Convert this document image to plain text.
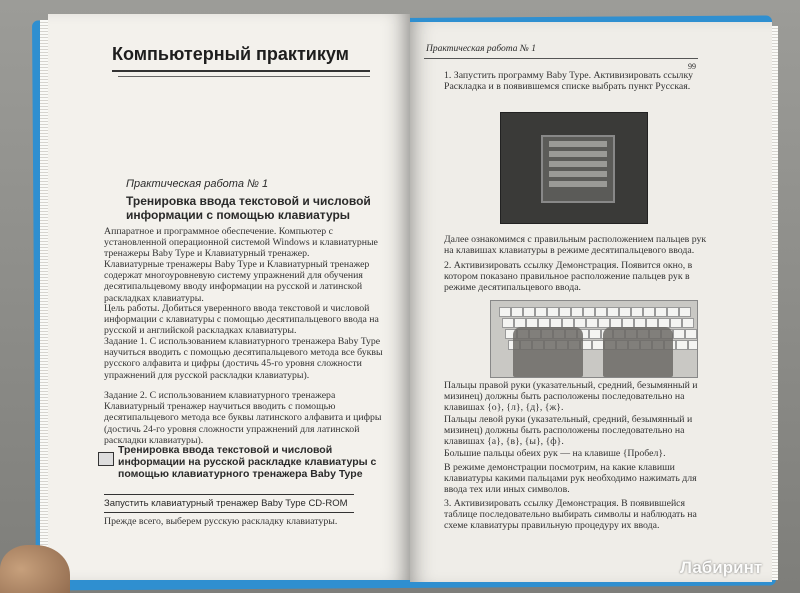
Компьютерный практикум
Практическая работа № 1
Тренировка ввода текстовой и числовой информации с помощью клавиатуры
Аппаратное и программное обеспечение. Компьютер с установленной операционной системой Windows и клавиатурные тренажеры Baby Type и Клавиатурный тренажер.
Клавиатурные тренажеры Baby Type и Клавиатурный тренажер содержат многоуровневую систему упражнений для обучения десятипальцевому вводу информации на русской и латинской раскладках клавиатуры.
Цель работы. Добиться уверенного ввода текстовой и числовой информации с клавиатуры с помощью десятипальцевого ввода на русской и английской раскладках клавиатуры.
Задание 1. С использованием клавиатурного тренажера Baby Type научиться вводить с помощью десятипальцевого метода все буквы русского алфавита и цифры (достичь 45-го уровня сложности упражнений для русской раскладки клавиатуры).
Задание 2. С использованием клавиатурного тренажера Клавиатурный тренажер научиться вводить с помощью десятипальцевого метода все буквы латинского алфавита и цифры (достичь 24-го уровня сложности упражнений для латинской раскладки клавиатуры).
Тренировка ввода текстовой и числовой информации на русской раскладке клавиатуры с помощью клавиатурного тренажера Baby Type
Запустить клавиатурный тренажер Baby Type CD-ROM
Прежде всего, выберем русскую раскладку клавиатуры.
Практическая работа № 1
99
1. Запустить программу Baby Type. Активизировать ссылку Раскладка и в появившемся списке выбрать пункт Русская.
Далее ознакомимся с правильным расположением пальцев рук на клавишах клавиатуры в режиме десятипальцевого ввода.
2. Активизировать ссылку Демонстрация. Появится окно, в котором показано правильное расположение пальцев рук в режиме десятипальцевого ввода.
Пальцы правой руки (указательный, средний, безымянный и мизинец) должны быть расположены последовательно на клавишах {о}, {л}, {д}, {ж}.
Пальцы левой руки (указательный, средний, безымянный и мизинец) должны быть расположены последовательно на клавишах {а}, {в}, {ы}, {ф}.
Большие пальцы обеих рук — на клавише {Пробел}.
В режиме демонстрации посмотрим, на какие клавиши клавиатуры какими пальцами рук необходимо нажимать для ввода тех или иных символов.
3. Активизировать ссылку Демонстрация. В появившейся таблице последовательно выбирать символы и наблюдать на схеме клавиатуры правильную процедуру их ввода.
Лабиринт
